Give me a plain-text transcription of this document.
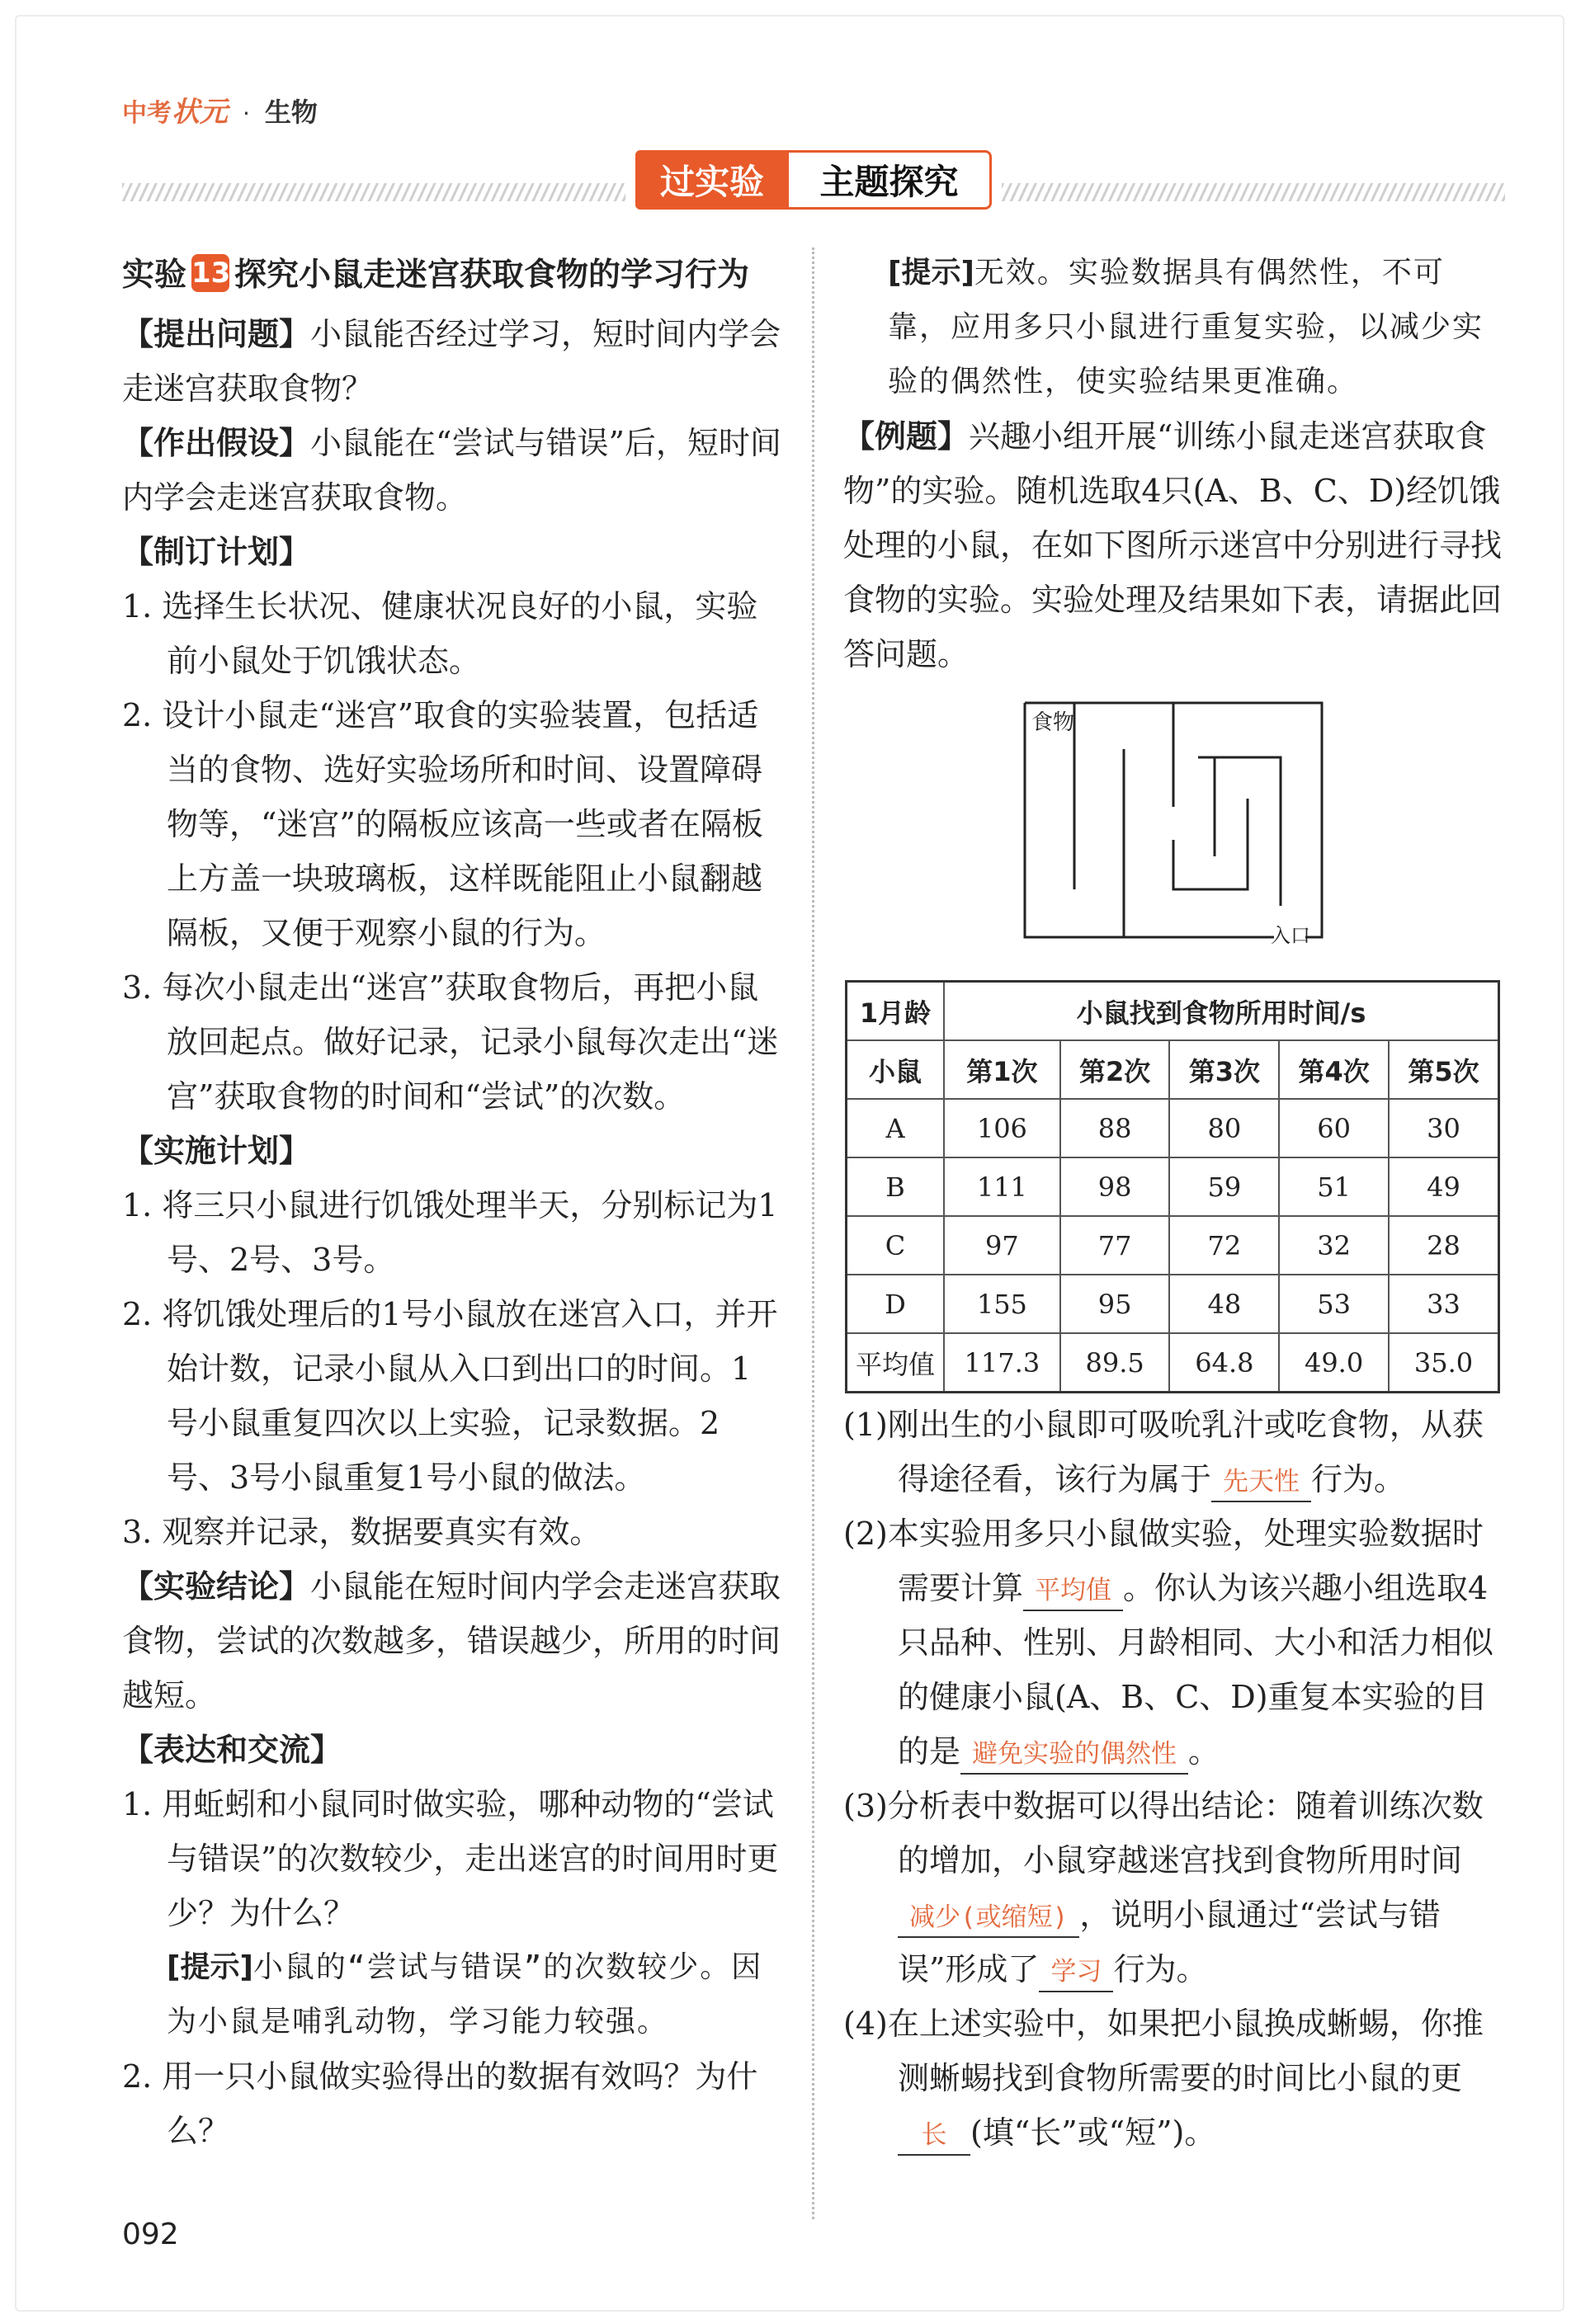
中考状元 · 生物
过实验	主题探究

实验 13 探究小鼠走迷宫获取食物的学习行为

【提出问题】小鼠能否经过学习，短时间内学会走迷宫获取食物？

【作出假设】小鼠能在“尝试与错误”后，短时间内学会走迷宫获取食物。

【制订计划】

1. 选择生长状况、健康状况良好的小鼠，实验前小鼠处于饥饿状态。

2. 设计小鼠走“迷宫”取食的实验装置，包括适当的食物、选好实验场所和时间、设置障碍物等，“迷宫”的隔板应该高一些或者在隔板上方盖一块玻璃板，这样既能阻止小鼠翻越隔板，又便于观察小鼠的行为。

3. 每次小鼠走出“迷宫”获取食物后，再把小鼠放回起点。做好记录，记录小鼠每次走出“迷宫”获取食物的时间和“尝试”的次数。

【实施计划】

1. 将三只小鼠进行饥饿处理半天，分别标记为1号、2号、3号。

2. 将饥饿处理后的1号小鼠放在迷宫入口，并开始计数，记录小鼠从入口到出口的时间。1号小鼠重复四次以上实验，记录数据。2号、3号小鼠重复1号小鼠的做法。

3. 观察并记录，数据要真实有效。

【实验结论】小鼠能在短时间内学会走迷宫获取食物，尝试的次数越多，错误越少，所用的时间越短。

【表达和交流】

1. 用蚯蚓和小鼠同时做实验，哪种动物的“尝试与错误”的次数较少，走出迷宫的时间用时更少？为什么？

[提示]小鼠的“尝试与错误”的次数较少。因为小鼠是哺乳动物，学习能力较强。

2. 用一只小鼠做实验得出的数据有效吗？为什么？

[提示]无效。实验数据具有偶然性，不可靠，应用多只小鼠进行重复实验，以减少实验的偶然性，使实验结果更准确。

【例题】兴趣小组开展“训练小鼠走迷宫获取食物”的实验。随机选取4只(A、B、C、D)经饥饿处理的小鼠，在如下图所示迷宫中分别进行寻找食物的实验。实验处理及结果如下表，请据此回答问题。

食物
入口
1月龄	小鼠找到食物所用时间/s				
小鼠	第1次	第2次	第3次	第4次	第5次
A	106	88	80	60	30
B	111	98	59	51	49
C	97	77	72	32	28
D	155	95	48	53	33
平均值	117.3	89.5	64.8	49.0	35.0

(1)刚出生的小鼠即可吸吮乳汁或吃食物，从获得途径看，该行为属于 先天性 行为。

(2)本实验用多只小鼠做实验，处理实验数据时需要计算 平均值 。你认为该兴趣小组选取4只品种、性别、月龄相同、大小和活力相似的健康小鼠(A、B、C、D)重复本实验的目的是 避免实验的偶然性 。

(3)分析表中数据可以得出结论：随着训练次数的增加，小鼠穿越迷宫找到食物所用时间减少(或缩短) ，说明小鼠通过“尝试与错误”形成了 学习 行为。

(4)在上述实验中，如果把小鼠换成蜥蜴，你推测蜥蜴找到食物所需要的时间比小鼠的更长 (填“长”或“短”)。

092
